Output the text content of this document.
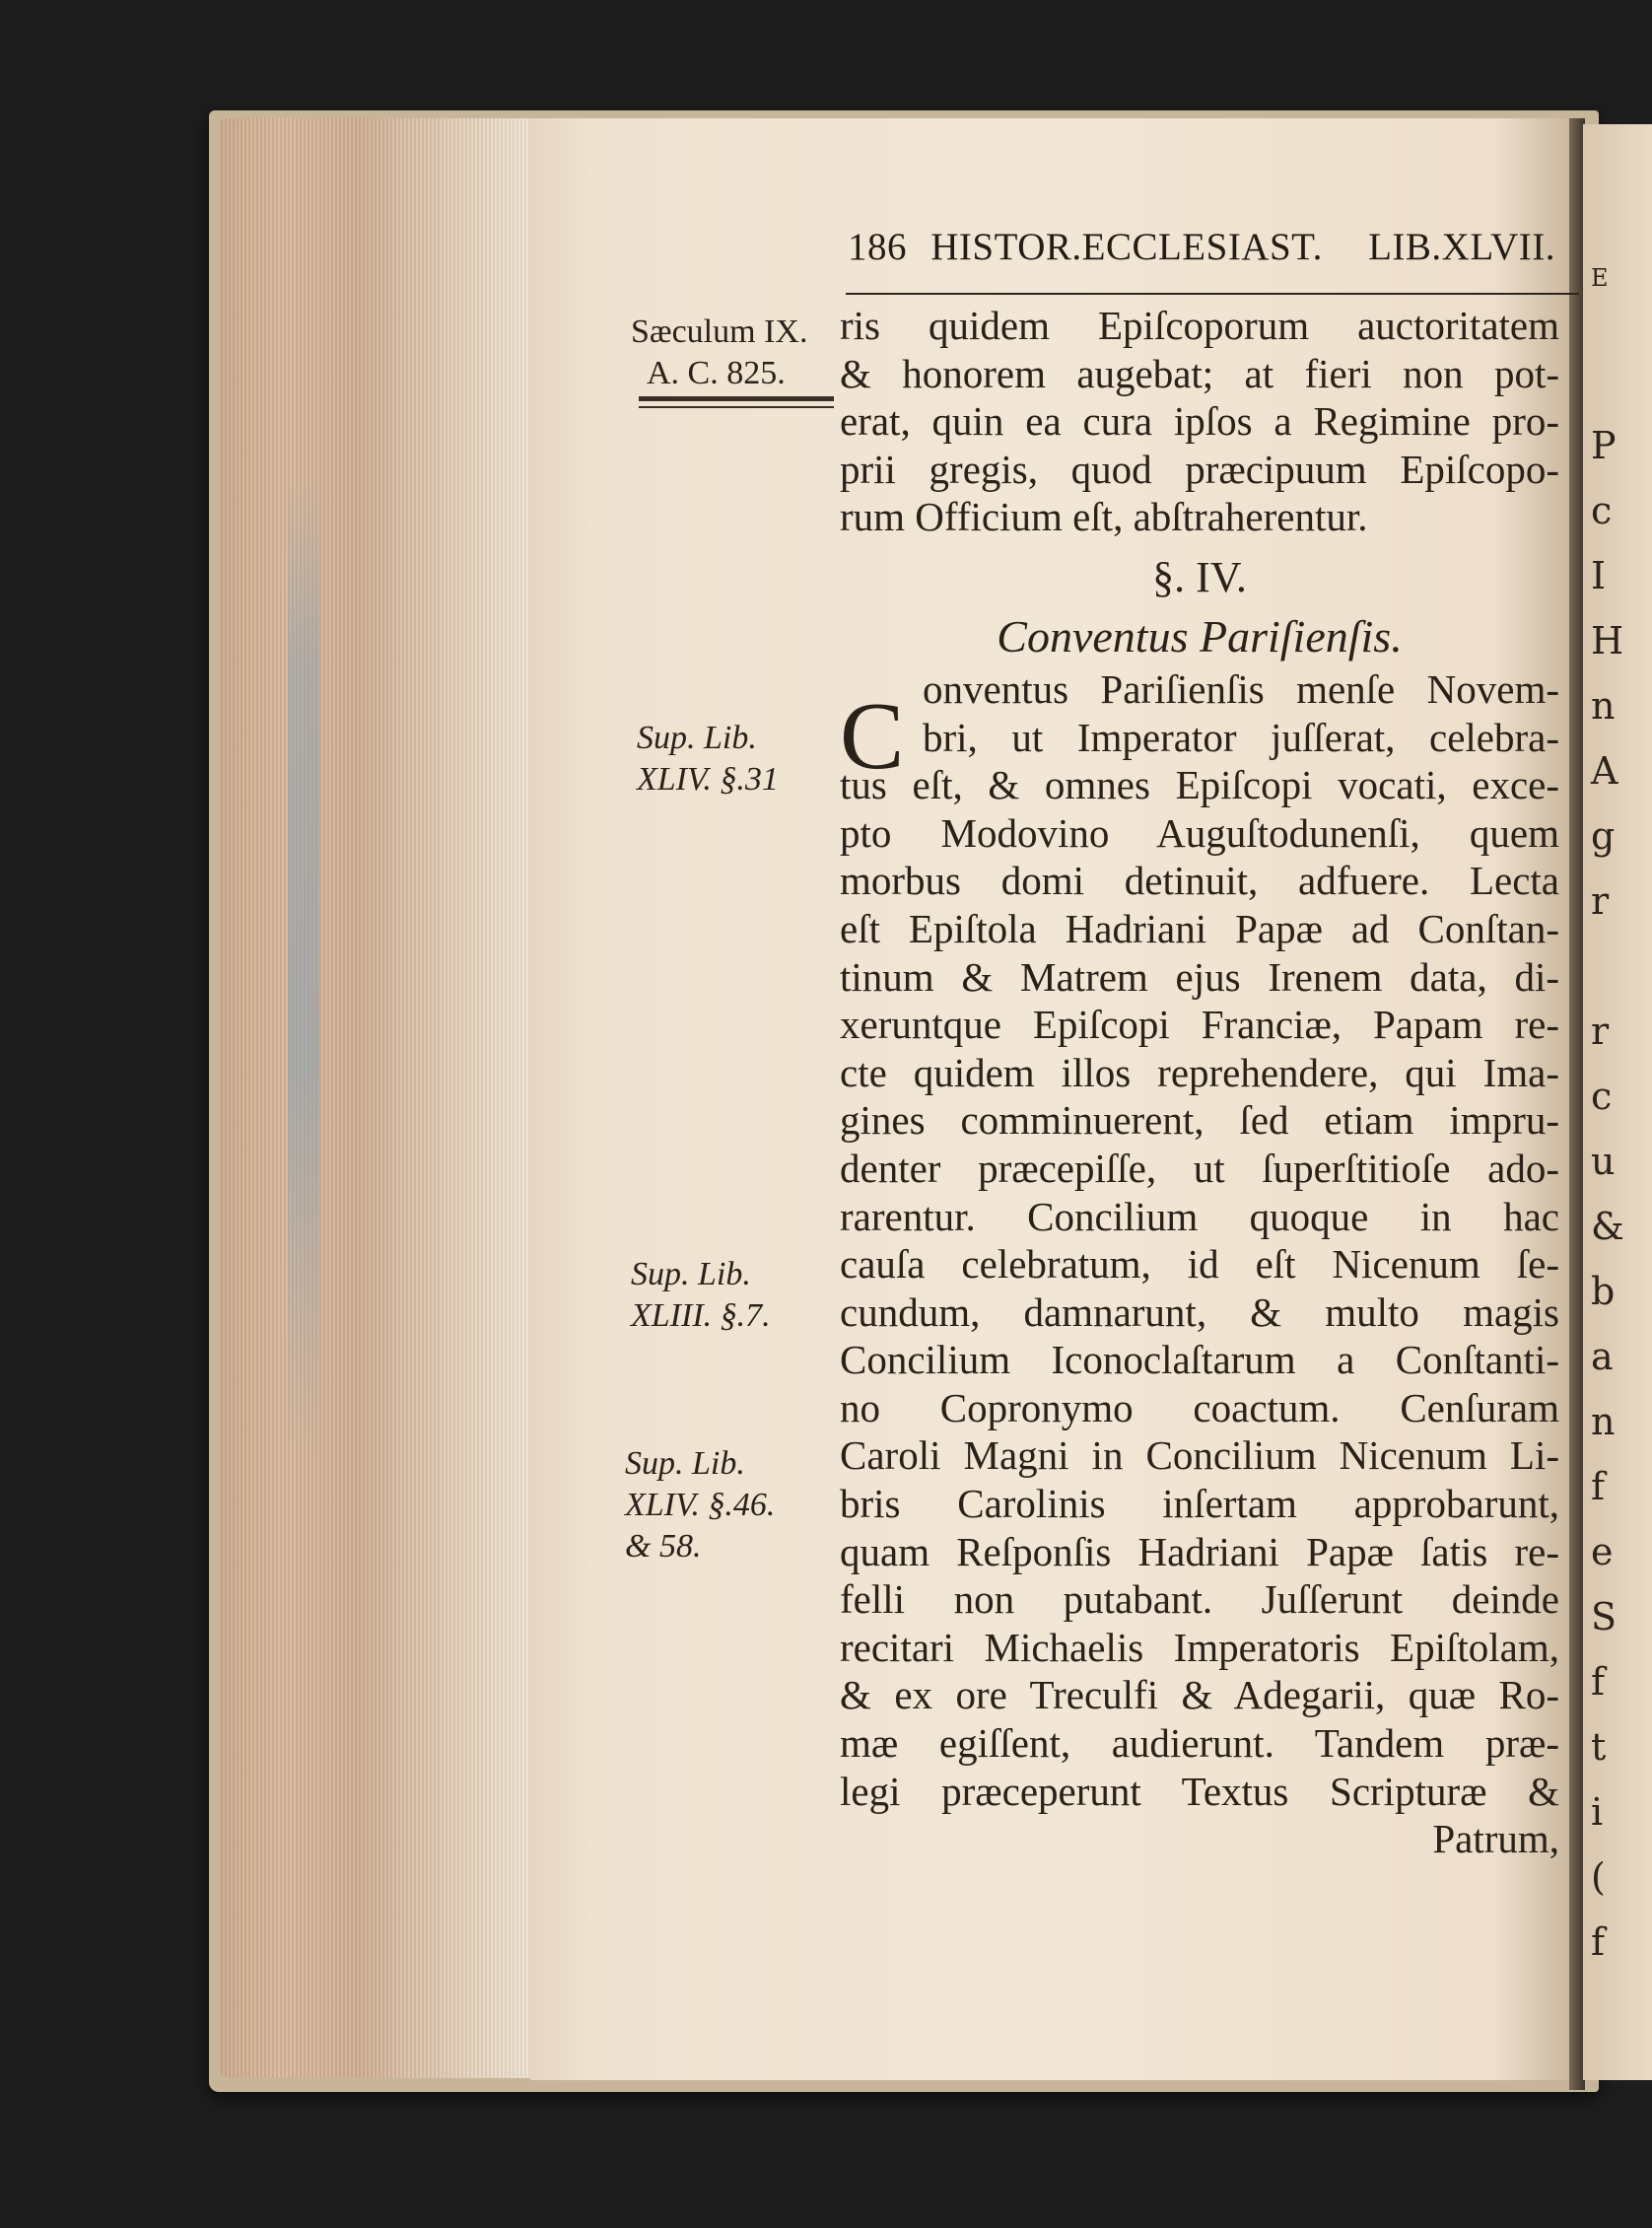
E
P
c
I
H
n
A
g
r
r
c
u
&
b
a
n
f
e
S
f
t
i
(
f
186 HISTOR.ECCLESIAST. LIB.XLVII.
Sæculum IX.
A. C. 825.
Sup. Lib.
XLIV. §.31
Sup. Lib.
XLIII. §.7.
Sup. Lib.
XLIV. §.46.
& 58.
C
ris quidem Epiſcoporum auctoritatem
& honorem augebat; at fieri non pot-
erat, quin ea cura ipſos a Regimine pro-
prii gregis, quod præcipuum Epiſcopo-
rum Officium eſt, abſtraherentur.
§. IV.
Conventus Pariſienſis.
onventus Pariſienſis menſe Novem-
bri, ut Imperator juſſerat, celebra-
tus eſt, & omnes Epiſcopi vocati, exce-
pto Modovino Auguſtodunenſi, quem
morbus domi detinuit, adfuere. Lecta
eſt Epiſtola Hadriani Papæ ad Conſtan-
tinum & Matrem ejus Irenem data, di-
xeruntque Epiſcopi Franciæ, Papam re-
cte quidem illos reprehendere, qui Ima-
gines comminuerent, ſed etiam impru-
denter præcepiſſe, ut ſuperſtitioſe ado-
rarentur. Concilium quoque in hac
cauſa celebratum, id eſt Nicenum ſe-
cundum, damnarunt, & multo magis
Concilium Iconoclaſtarum a Conſtanti-
no Copronymo coactum. Cenſuram
Caroli Magni in Concilium Nicenum Li-
bris Carolinis inſertam approbarunt,
quam Reſponſis Hadriani Papæ ſatis re-
felli non putabant. Juſſerunt deinde
recitari Michaelis Imperatoris Epiſtolam,
& ex ore Treculfi & Adegarii, quæ Ro-
mæ egiſſent, audierunt. Tandem præ-
legi præceperunt Textus Scripturæ &
Patrum,
